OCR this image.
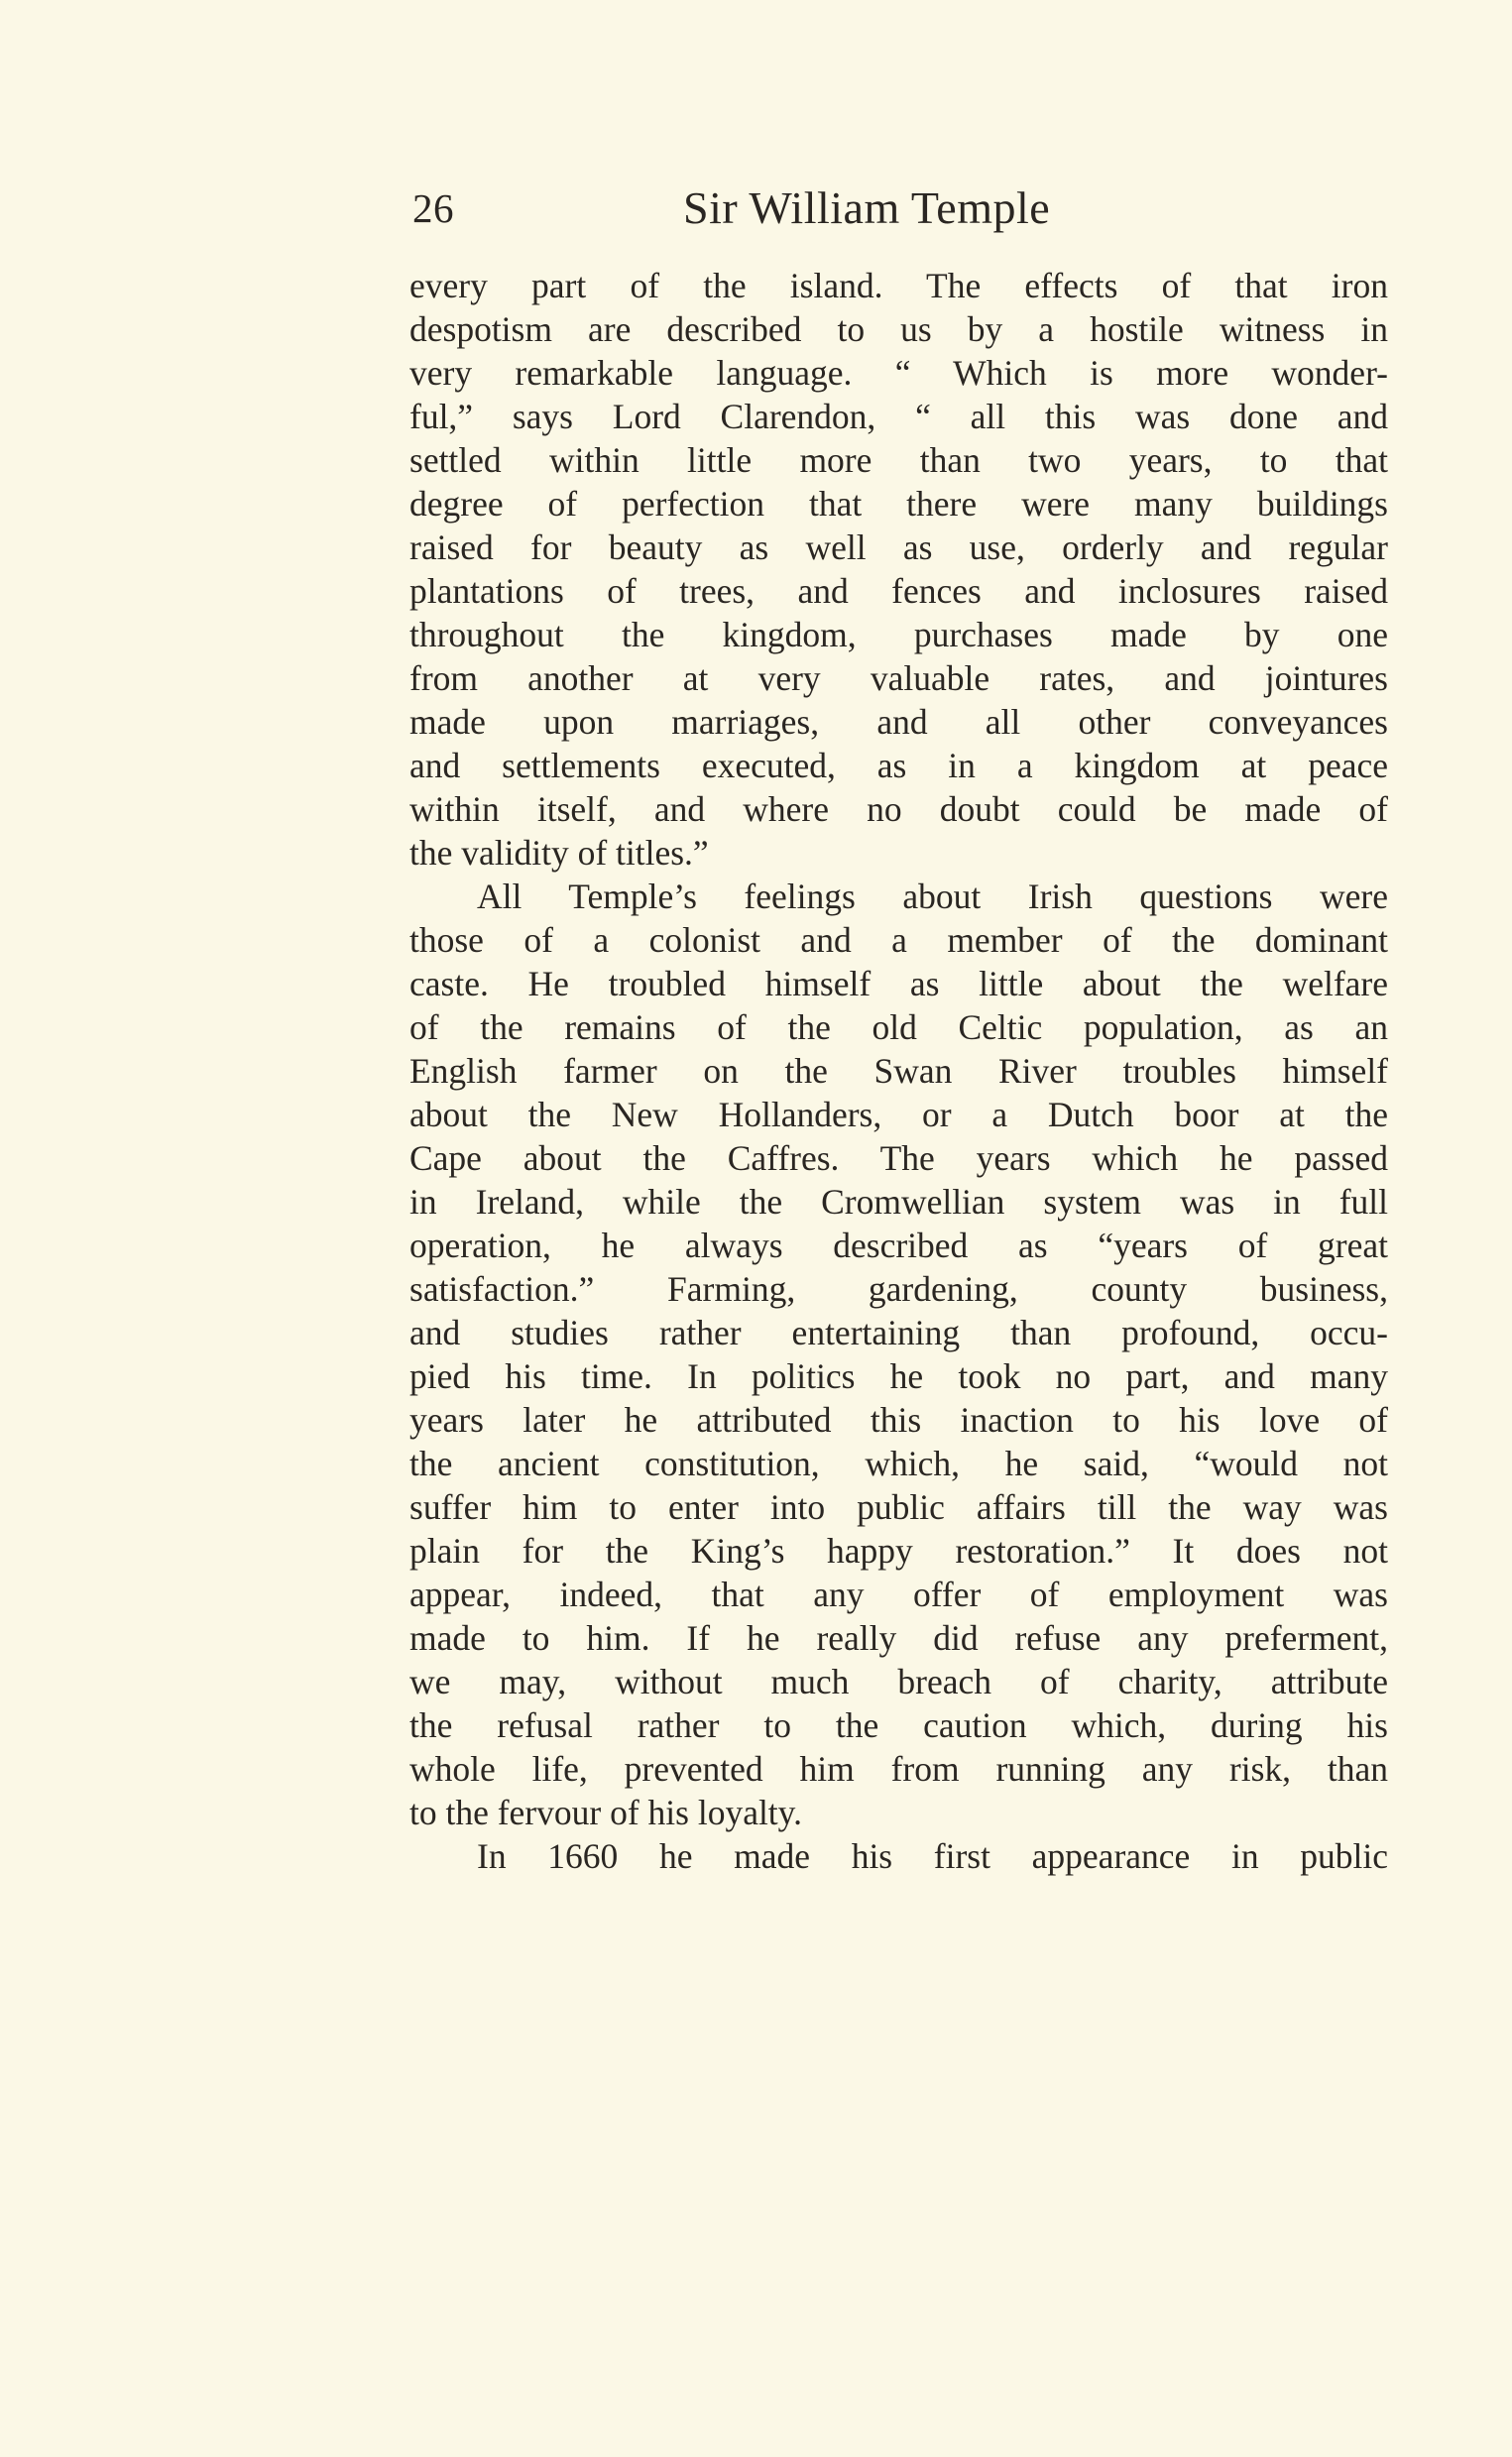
26	Sir William Temple
every part of the island. The effects of that iron
despotism are described to us by a hostile witness in
very remarkable language. “ Which is more wonder-
ful,” says Lord Clarendon, “ all this was done and
settled within little more than two years, to that
degree of perfection that there were many buildings
raised for beauty as well as use, orderly and regular
plantations of trees, and fences and inclosures raised
throughout the kingdom, purchases made by one
from another at very valuable rates, and jointures
made upon marriages, and all other conveyances
and settlements executed, as in a kingdom at peace
within itself, and where no doubt could be made of
the validity of titles.”
All Temple’s feelings about Irish questions were
those of a colonist and a member of the dominant
caste. He troubled himself as little about the welfare
of the remains of the old Celtic population, as an
English farmer on the Swan River troubles himself
about the New Hollanders, or a Dutch boor at the
Cape about the Caffres. The years which he passed
in Ireland, while the Cromwellian system was in full
operation, he always described as “years of great
satisfaction.” Farming, gardening, county business,
and studies rather entertaining than profound, occu-
pied his time. In politics he took no part, and many
years later he attributed this inaction to his love of
the ancient constitution, which, he said, “would not
suffer him to enter into public affairs till the way was
plain for the King’s happy restoration.” It does not
appear, indeed, that any offer of employment was
made to him. If he really did refuse any preferment,
we may, without much breach of charity, attribute
the refusal rather to the caution which, during his
whole life, prevented him from running any risk, than
to the fervour of his loyalty.
In 1660 he made his first appearance in public
